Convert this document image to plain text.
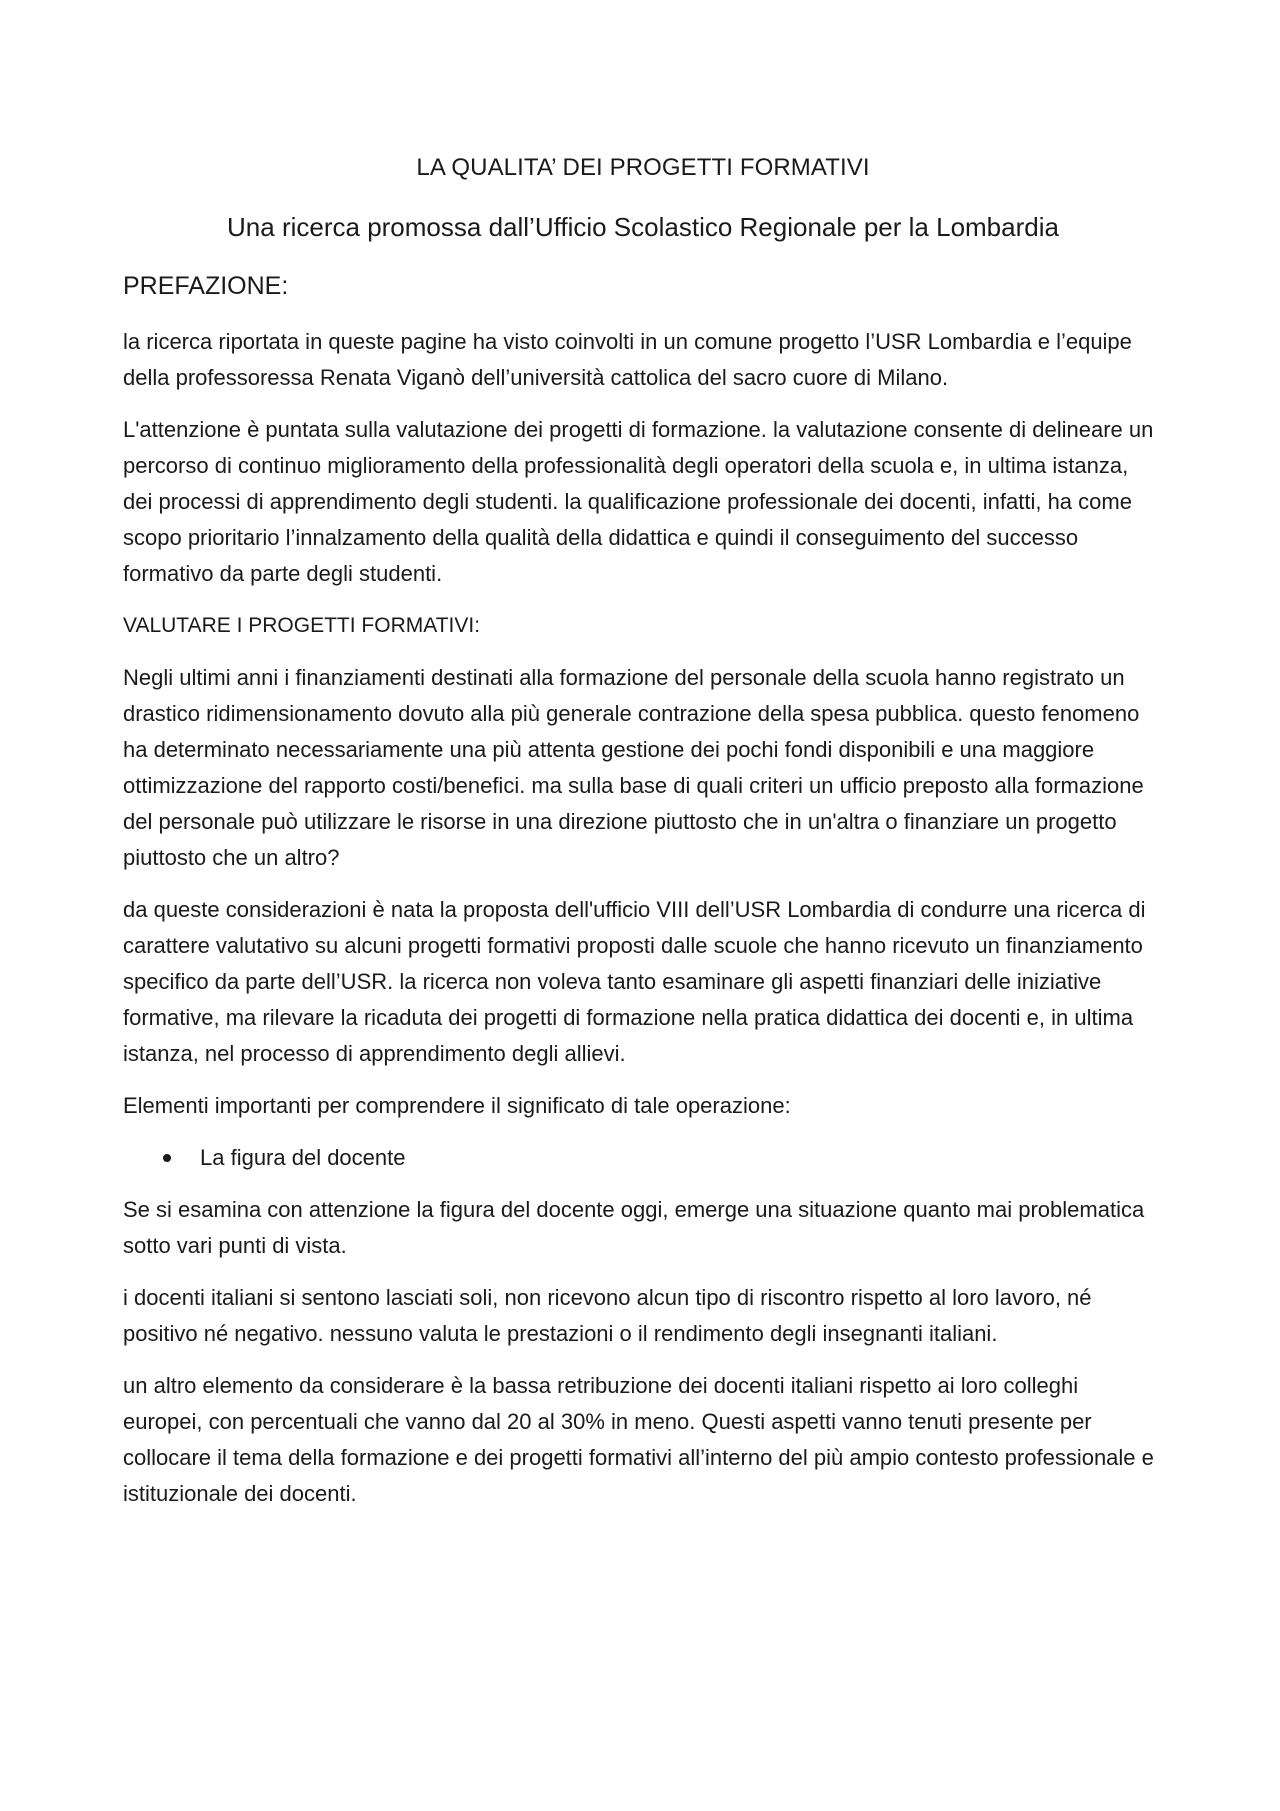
LA QUALITA’ DEI PROGETTI FORMATIVI
Una ricerca promossa dall’Ufficio Scolastico Regionale per la Lombardia
PREFAZIONE:

la ricerca riportata in queste pagine ha visto coinvolti in un comune progetto l’USR Lombardia e l’equipe della professoressa Renata Viganò dell’università cattolica del sacro cuore di Milano.

L'attenzione è puntata sulla valutazione dei progetti di formazione. la valutazione consente di delineare un percorso di continuo miglioramento della professionalità degli operatori della scuola e, in ultima istanza, dei processi di apprendimento degli studenti. la qualificazione professionale dei docenti, infatti, ha come scopo prioritario l’innalzamento della qualità della didattica e quindi il conseguimento del successo formativo da parte degli studenti.

VALUTARE I PROGETTI FORMATIVI:

Negli ultimi anni i finanziamenti destinati alla formazione del personale della scuola hanno registrato un drastico ridimensionamento dovuto alla più generale contrazione della spesa pubblica. questo fenomeno ha determinato necessariamente una più attenta gestione dei pochi fondi disponibili e una maggiore ottimizzazione del rapporto costi/benefici. ma sulla base di quali criteri un ufficio preposto alla formazione del personale può utilizzare le risorse in una direzione piuttosto che in un'altra o finanziare un progetto piuttosto che un altro?

da queste considerazioni è nata la proposta dell'ufficio VIII dell’USR Lombardia di condurre una ricerca di carattere valutativo su alcuni progetti formativi proposti dalle scuole che hanno ricevuto un finanziamento specifico da parte dell’USR. la ricerca non voleva tanto esaminare gli aspetti finanziari delle iniziative formative, ma rilevare la ricaduta dei progetti di formazione nella pratica didattica dei docenti e, in ultima istanza, nel processo di apprendimento degli allievi.

Elementi importanti per comprendere il significato di tale operazione:

La figura del docente

Se si esamina con attenzione la figura del docente oggi, emerge una situazione quanto mai problematica sotto vari punti di vista.

i docenti italiani si sentono lasciati soli, non ricevono alcun tipo di riscontro rispetto al loro lavoro, né positivo né negativo. nessuno valuta le prestazioni o il rendimento degli insegnanti italiani.

un altro elemento da considerare è la bassa retribuzione dei docenti italiani rispetto ai loro colleghi europei, con percentuali che vanno dal 20 al 30% in meno. Questi aspetti vanno tenuti presente per collocare il tema della formazione e dei progetti formativi all’interno del più ampio contesto professionale e istituzionale dei docenti.
